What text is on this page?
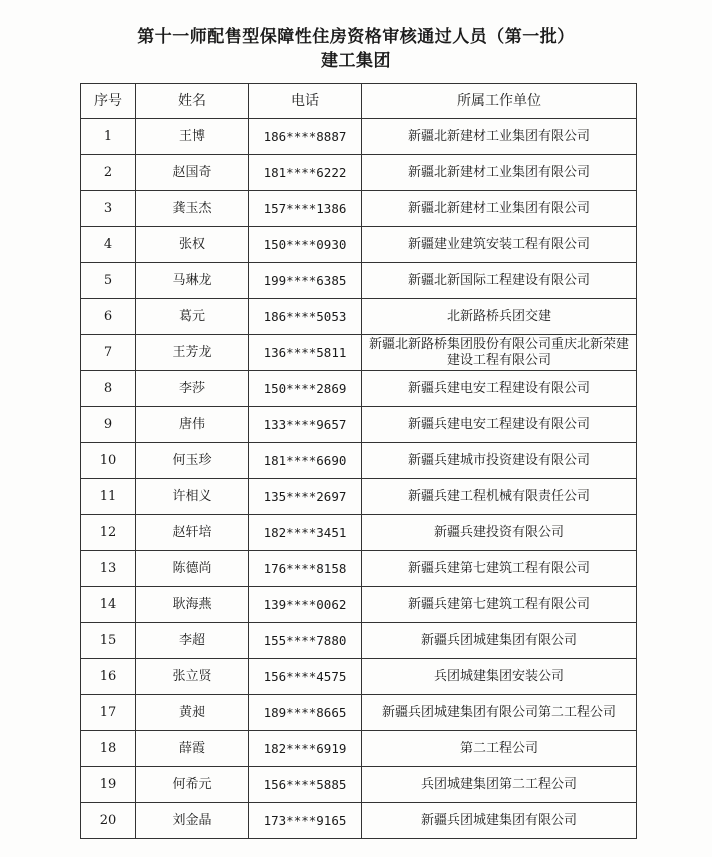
第十一师配售型保障性住房资格审核通过人员（第一批）
建工集团
序号	姓名	电话	所属工作单位
1	王博	186****8887	新疆北新建材工业集团有限公司
2	赵国奇	181****6222	新疆北新建材工业集团有限公司
3	龚玉杰	157****1386	新疆北新建材工业集团有限公司
4	张权	150****0930	新疆建业建筑安装工程有限公司
5	马琳龙	199****6385	新疆北新国际工程建设有限公司
6	葛元	186****5053	北新路桥兵团交建
7	王芳龙	136****5811	新疆北新路桥集团股份有限公司重庆北新荣建建设工程有限公司
8	李莎	150****2869	新疆兵建电安工程建设有限公司
9	唐伟	133****9657	新疆兵建电安工程建设有限公司
10	何玉珍	181****6690	新疆兵建城市投资建设有限公司
11	许相义	135****2697	新疆兵建工程机械有限责任公司
12	赵轩培	182****3451	新疆兵建投资有限公司
13	陈德尚	176****8158	新疆兵建第七建筑工程有限公司
14	耿海燕	139****0062	新疆兵建第七建筑工程有限公司
15	李超	155****7880	新疆兵团城建集团有限公司
16	张立贤	156****4575	兵团城建集团安装公司
17	黄昶	189****8665	新疆兵团城建集团有限公司第二工程公司
18	薛霞	182****6919	第二工程公司
19	何希元	156****5885	兵团城建集团第二工程公司
20	刘金晶	173****9165	新疆兵团城建集团有限公司
